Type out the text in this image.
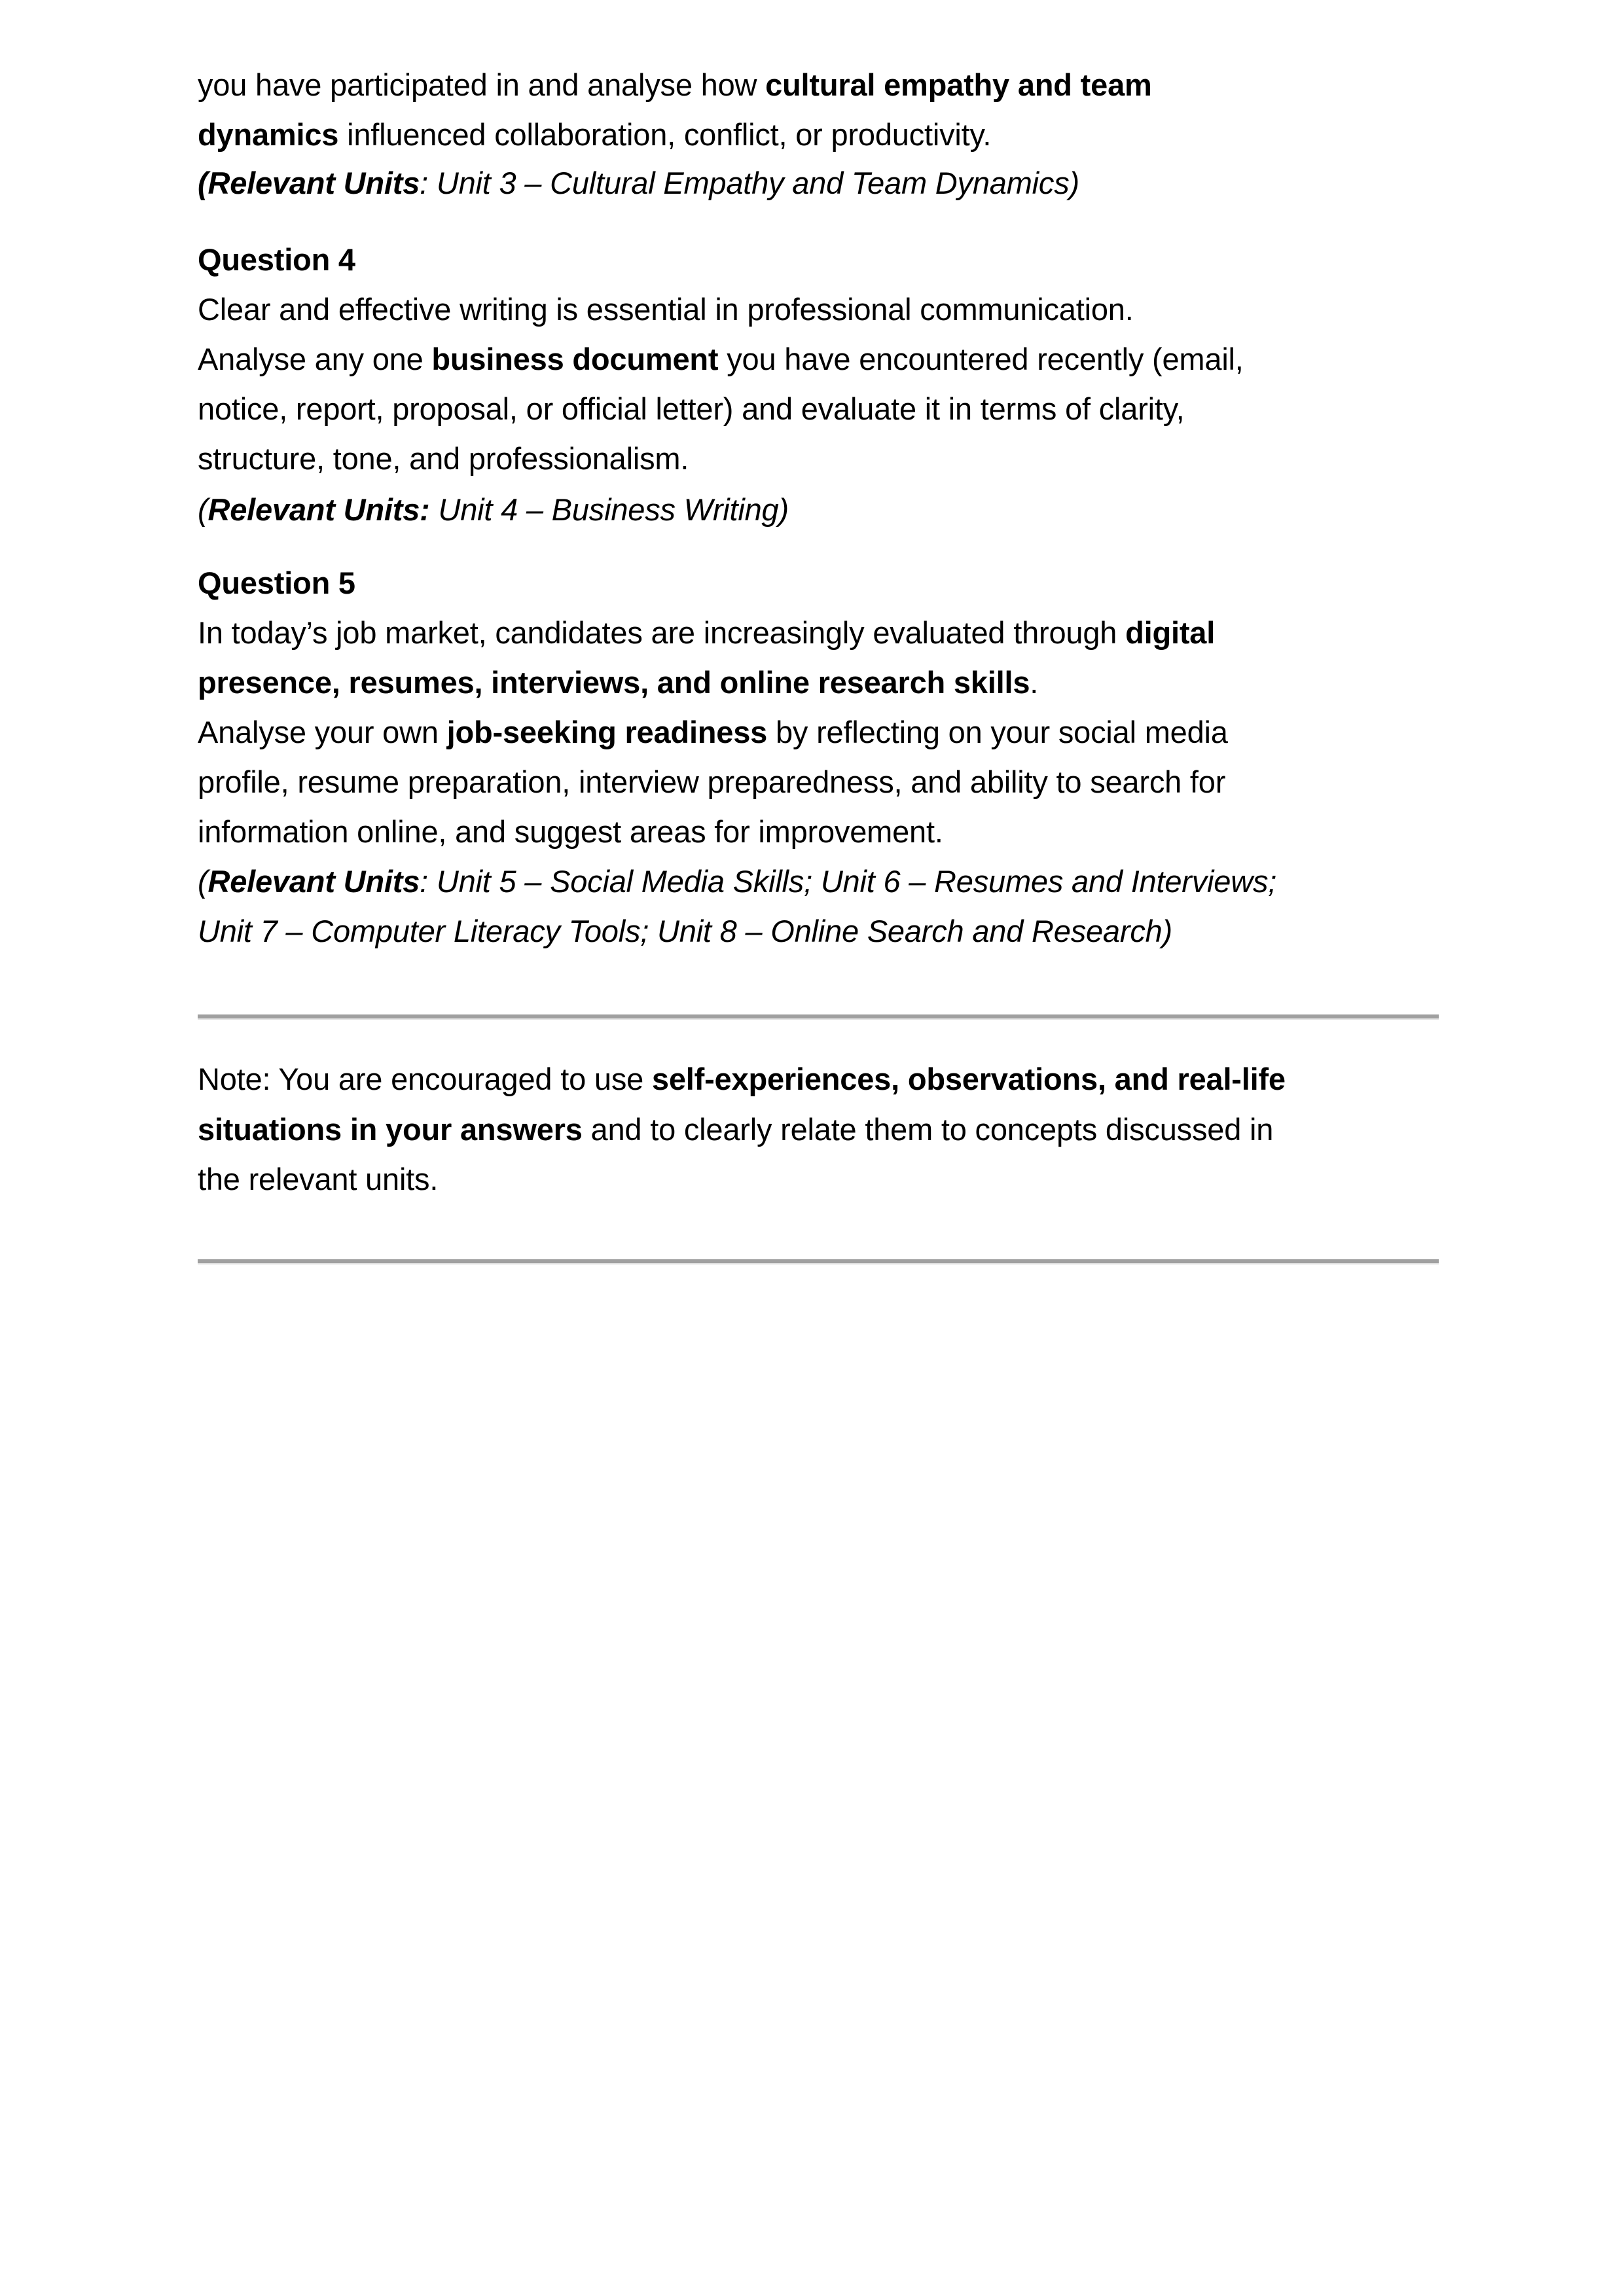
you have participated in and analyse how cultural empathy and team
dynamics influenced collaboration, conflict, or productivity.
(Relevant Units: Unit 3 – Cultural Empathy and Team Dynamics)
Question 4
Clear and effective writing is essential in professional communication.
Analyse any one business document you have encountered recently (email,
notice, report, proposal, or official letter) and evaluate it in terms of clarity,
structure, tone, and professionalism.
(Relevant Units: Unit 4 – Business Writing)
Question 5
In today’s job market, candidates are increasingly evaluated through digital
presence, resumes, interviews, and online research skills.
Analyse your own job-seeking readiness by reflecting on your social media
profile, resume preparation, interview preparedness, and ability to search for
information online, and suggest areas for improvement.
(Relevant Units: Unit 5 – Social Media Skills; Unit 6 – Resumes and Interviews;
Unit 7 – Computer Literacy Tools; Unit 8 – Online Search and Research)
Note: You are encouraged to use self-experiences, observations, and real-life
situations in your answers and to clearly relate them to concepts discussed in
the relevant units.
